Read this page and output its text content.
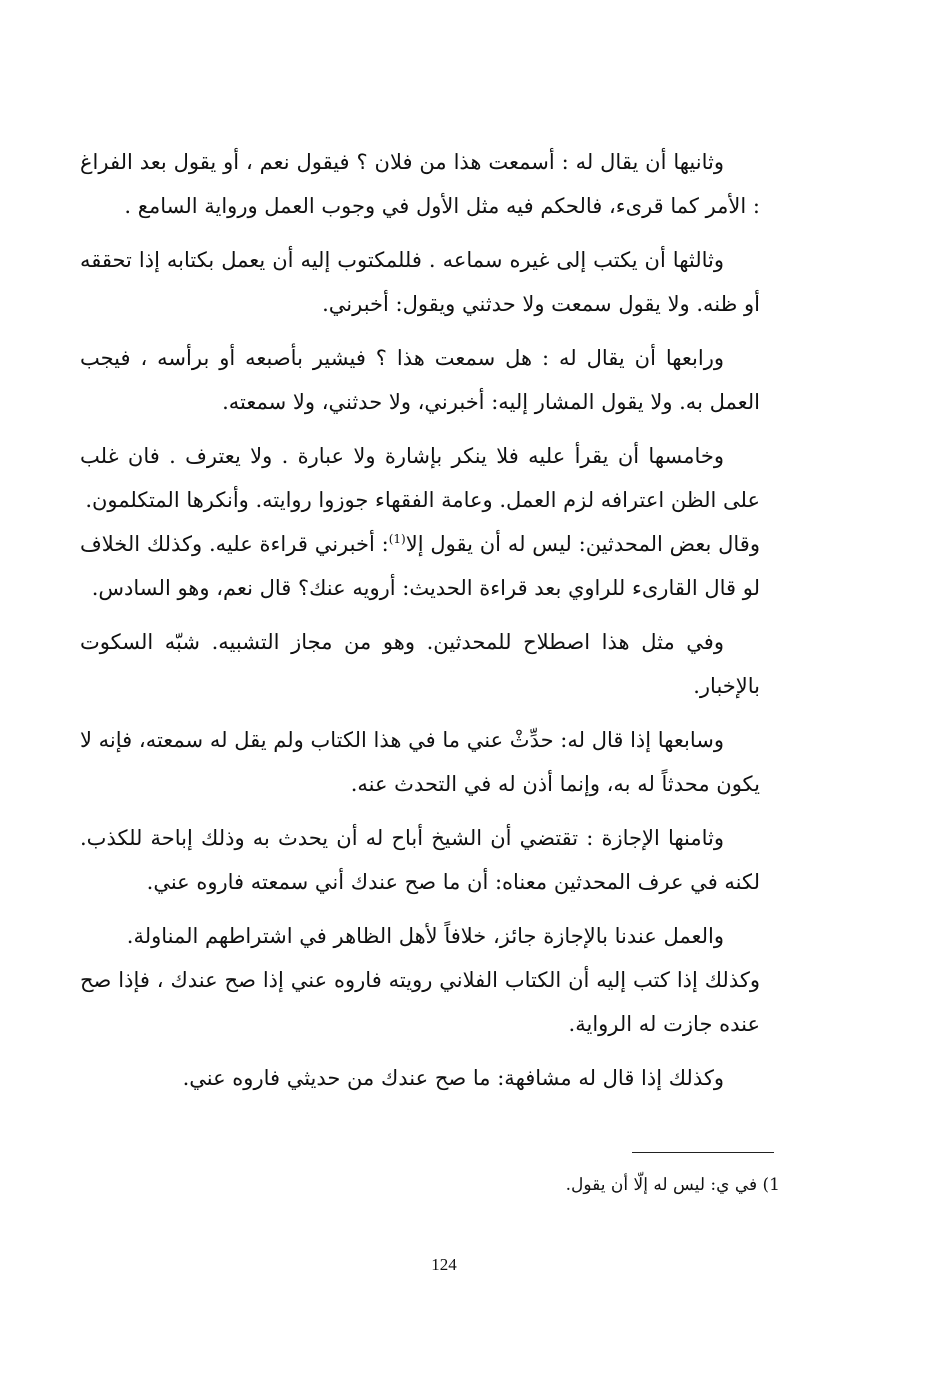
وثانيها أن يقال له : أسمعت هذا من فلان ؟ فيقول نعم ، أو يقول بعد الفراغ : الأمر كما قرىء، فالحكم فيه مثل الأول في وجوب العمل ورواية السامع .

وثالثها أن يكتب إلى غيره سماعه . فللمكتوب إليه أن يعمل بكتابه إذا تحققه أو ظنه. ولا يقول سمعت ولا حدثني ويقول: أخبرني.

ورابعها أن يقال له : هل سمعت هذا ؟ فيشير بأصبعه أو برأسه ، فيجب العمل به. ولا يقول المشار إليه: أخبرني، ولا حدثني، ولا سمعته.

وخامسها أن يقرأ عليه فلا ينكر بإشارة ولا عبارة . ولا يعترف . فان غلب على الظن اعترافه لزم العمل. وعامة الفقهاء جوزوا روايته. وأنكرها المتكلمون.

وقال بعض المحدثين: ليس له أن يقول إلا$^{(1)}$: أخبرني قراءة عليه. وكذلك الخلاف لو قال القارىء للراوي بعد قراءة الحديث: أرويه عنك؟ قال نعم، وهو السادس.

وفي مثل هذا اصطلاح للمحدثين. وهو من مجاز التشبيه. شبّه السكوت بالإخبار.

وسابعها إذا قال له: حدِّثْ عني ما في هذا الكتاب ولم يقل له سمعته، فإنه لا يكون محدثاً له به، وإنما أذن له في التحدث عنه.

وثامنها الإجازة : تقتضي أن الشيخ أباح له أن يحدث به وذلك إباحة للكذب. لكنه في عرف المحدثين معناه: أن ما صح عندك أني سمعته فاروه عني.

والعمل عندنا بالإجازة جائز، خلافاً لأهل الظاهر في اشتراطهم المناولة.

وكذلك إذا كتب إليه أن الكتاب الفلاني رويته فاروه عني إذا صح عندك ، فإذا صح عنده جازت له الرواية.

وكذلك إذا قال له مشافهة: ما صح عندك من حديثي فاروه عني.

1) في ي: ليس له إلّا أن يقول.
124
